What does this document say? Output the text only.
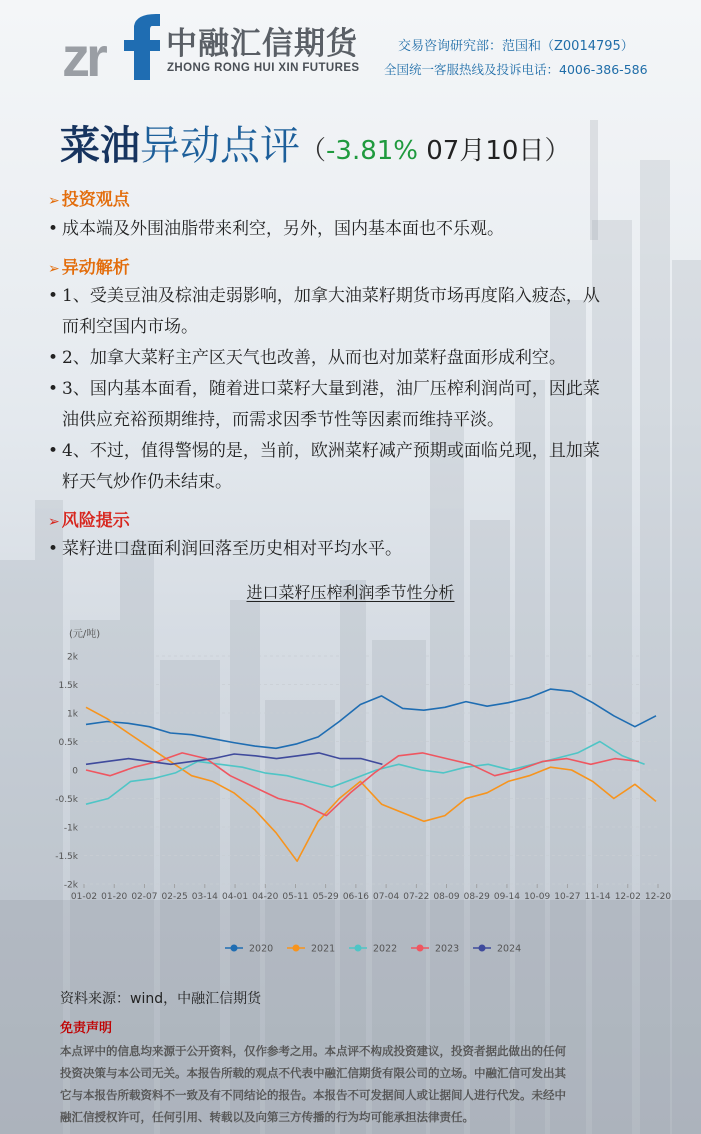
zr 中融汇信期货
ZHONG RONG HUI XIN FUTURES
交易咨询研究部：范国和（Z0014795）
全国统一客服热线及投诉电话：4006-386-586
菜油异动点评（-3.81% 07月10日）
➢ 投资观点
• 成本端及外围油脂带来利空，另外，国内基本面也不乐观。
➢ 异动解析
• 1、受美豆油及棕油走弱影响，加拿大油菜籽期货市场再度陷入疲态，从
而利空国内市场。
• 2、加拿大菜籽主产区天气也改善，从而也对加菜籽盘面形成利空。
• 3、国内基本面看，随着进口菜籽大量到港，油厂压榨利润尚可，因此菜
油供应充裕预期维持，而需求因季节性等因素而维持平淡。
• 4、不过，值得警惕的是，当前，欧洲菜籽减产预期或面临兑现，且加菜
籽天气炒作仍未结束。
➢ 风险提示
• 菜籽进口盘面利润回落至历史相对平均水平。
进口菜籽压榨利润季节性分析
(元/吨)
-2k
-1.5k
-1k
-0.5k
0
0.5k
1k
1.5k
2k
01-02 01-20 02-07 02-25 03-14 04-01 04-20 05-11 05-29 06-16 07-04 07-22 08-09 08-29 09-14 10-09 10-27 11-14 12-02 12-20
2020	2021	2022	2023	2024
资料来源：wind，中融汇信期货
免责声明
本点评中的信息均来源于公开资料，仅作参考之用。本点评不构成投资建议，投资者据此做出的任何
投资决策与本公司无关。本报告所载的观点不代表中融汇信期货有限公司的立场。中融汇信可发出其
它与本报告所载资料不一致及有不同结论的报告。本报告不可发据间人或让据间人进行代发。未经中
融汇信授权许可，任何引用、转载以及向第三方传播的行为均可能承担法律责任。
